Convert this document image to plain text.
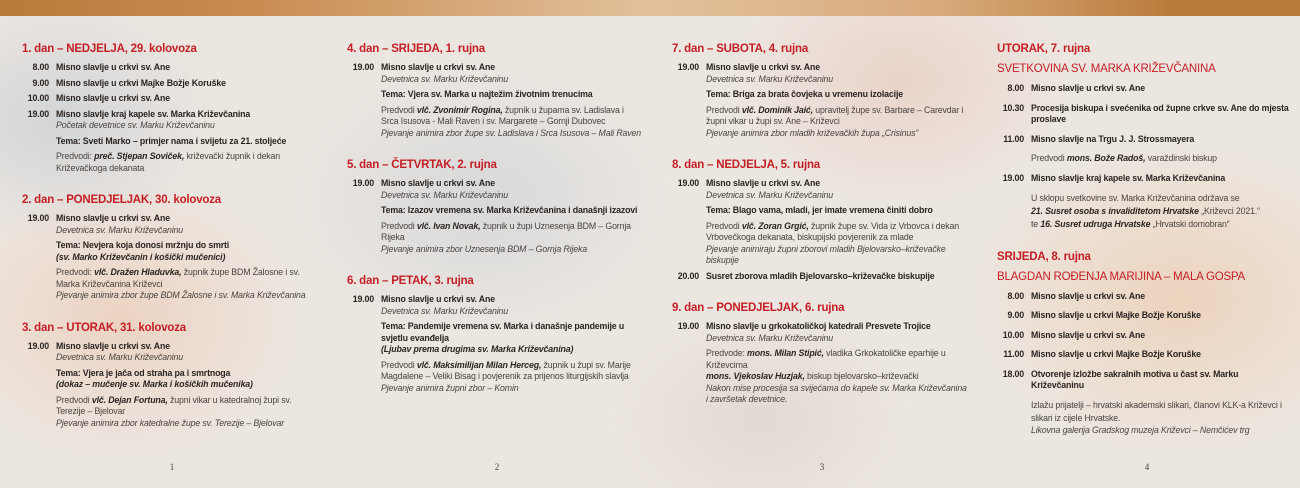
1. dan – NEDJELJA, 29. kolovoza
8.00 Misno slavlje u crkvi sv. Ane
9.00 Misno slavlje u crkvi Majke Božje Koruške
10.00 Misno slavlje u crkvi sv. Ane
19.00 Misno slavlje kraj kapele sv. Marka Križevčanina
Početak devetnice sv. Marku Križevčaninu
Tema: Sveti Marko – primjer nama i svijetu za 21. stoljeće
Predvodi: preč. Stjepan Soviček, križevački župnik i dekan Križevačkoga dekanata
2. dan – PONEDJELJAK, 30. kolovoza
19.00 Misno slavlje u crkvi sv. Ane
Devetnica sv. Marku Križevčaninu
Tema: Nevjera koja donosi mržnju do smrti
(sv. Marko Križevčanin i košički mučenici)
Predvodi: vlč. Dražen Hladuvka, župnik župe BDM Žalosne i sv. Marka Križevčanina Križevci
Pjevanje animira zbor župe BDM Žalosne i sv. Marka Križevčanina
3. dan – UTORAK, 31. kolovoza
19.00 Misno slavlje u crkvi sv. Ane
Devetnica sv. Marku Križevčaninu
Tema: Vjera je jača od straha pa i smrtnoga
(dokaz – mučenje sv. Marka i košičkih mučenika)
Predvodi vlč. Dejan Fortuna, župni vikar u katedralnoj župi sv. Terezije – Bjelovar
Pjevanje animira zbor katedralne župe sv. Terezije – Bjelovar
1
4. dan – SRIJEDA, 1. rujna
19.00 Misno slavlje u crkvi sv. Ane
Devetnica sv. Marku Križevčaninu
Tema: Vjera sv. Marka u najtežim životnim trenucima
Predvodi vlč. Zvonimir Rogina, župnik u župama sv. Ladislava i Srca Isusova - Mali Raven i sv. Margarete – Gornji Dubovec
Pjevanje animira zbor župe sv. Ladislava i Srca Isusova – Mali Raven
5. dan – ČETVRTAK, 2. rujna
19.00 Misno slavlje u crkvi sv. Ane
Devetnica sv. Marku Križevčaninu
Tema: Izazov vremena sv. Marka Križevčanina i današnji izazovi
Predvodi vlč. Ivan Novak, župnik u župi Uznesenja BDM – Gornja Rijeka
Pjevanje animira zbor Uznesenja BDM – Gornja Rijeka
6. dan – PETAK, 3. rujna
19.00 Misno slavlje u crkvi sv. Ane
Devetnica sv. Marku Križevčaninu
Tema: Pandemije vremena sv. Marka i današnje pandemije u svjetlu evanđelja
(Ljubav prema drugima sv. Marka Križevčanina)
Predvodi vlč. Maksimilijan Milan Herceg, župnik u župi sv. Marije Magdalene – Veliki Bisag i povjerenik za prijenos liturgijskih slavlja
Pjevanje animira župni zbor – Komin
2
7. dan – SUBOTA, 4. rujna
19.00 Misno slavlje u crkvi sv. Ane
Devetnica sv. Marku Križevčaninu
Tema: Briga za brata čovjeka u vremenu izolacije
Predvodi vlč. Dominik Jaić, upravitelj župe sv. Barbare – Carevdar i župni vikar u župi sv. Ane – Križevci
Pjevanje animira zbor mladih križevačkih župa „Crisinus“
8. dan – NEDJELJA, 5. rujna
19.00 Misno slavlje u crkvi sv. Ane
Devetnica sv. Marku Križevčaninu
Tema: Blago vama, mladi, jer imate vremena činiti dobro
Predvodi vlč. Zoran Grgić, župnik župe sv. Vida iz Vrbovca i dekan Vrbovečkoga dekanata, biskupijski povjerenik za mlade
Pjevanje animiraju župni zborovi mladih Bjelovarsko–križevačke biskupije
20.00 Susret zborova mladih Bjelovarsko–križevačke biskupije
9. dan – PONEDJELJAK, 6. rujna
19.00 Misno slavlje u grkokatoličkoj katedrali Presvete Trojice
Devetnica sv. Marku Križevčaninu
Predvode: mons. Milan Stipić, vladika Grkokatoličke eparhije u Križevcima
mons. Vjekoslav Huzjak, biskup bjelovarsko–križevački
Nakon mise procesija sa svijećama do kapele sv. Marka Križevčanina i završetak devetnice.
3
UTORAK, 7. rujna
SVETKOVINA SV. MARKA KRIŽEVČANINA
8.00 Misno slavlje u crkvi sv. Ane
10.30 Procesija biskupa i svećenika od župne crkve sv. Ane do mjesta proslave
11.00 Misno slavlje na Trgu J. J. Strossmayera
Predvodi mons. Bože Radoš, varaždinski biskup
19.00 Misno slavlje kraj kapele sv. Marka Križevčanina
U sklopu svetkovine sv. Marka Križevčanina održava se
21. Susret osoba s invaliditetom Hrvatske „Križevci 2021.“
te 16. Susret udruga Hrvatske „Hrvatski domobran“
SRIJEDA, 8. rujna
BLAGDAN ROĐENJA MARIJINA – MALA GOSPA
8.00 Misno slavlje u crkvi sv. Ane
9.00 Misno slavlje u crkvi Majke Božje Koruške
10.00 Misno slavlje u crkvi sv. Ane
11.00 Misno slavlje u crkvi Majke Božje Koruške
18.00 Otvorenje izložbe sakralnih motiva u čast sv. Marku Križevčaninu
Izlažu prijatelji – hrvatski akademski slikari, članovi KLK-a Križevci i slikari iz cijele Hrvatske.
Likovna galerija Gradskog muzeja Križevci – Nemčićev trg
4
